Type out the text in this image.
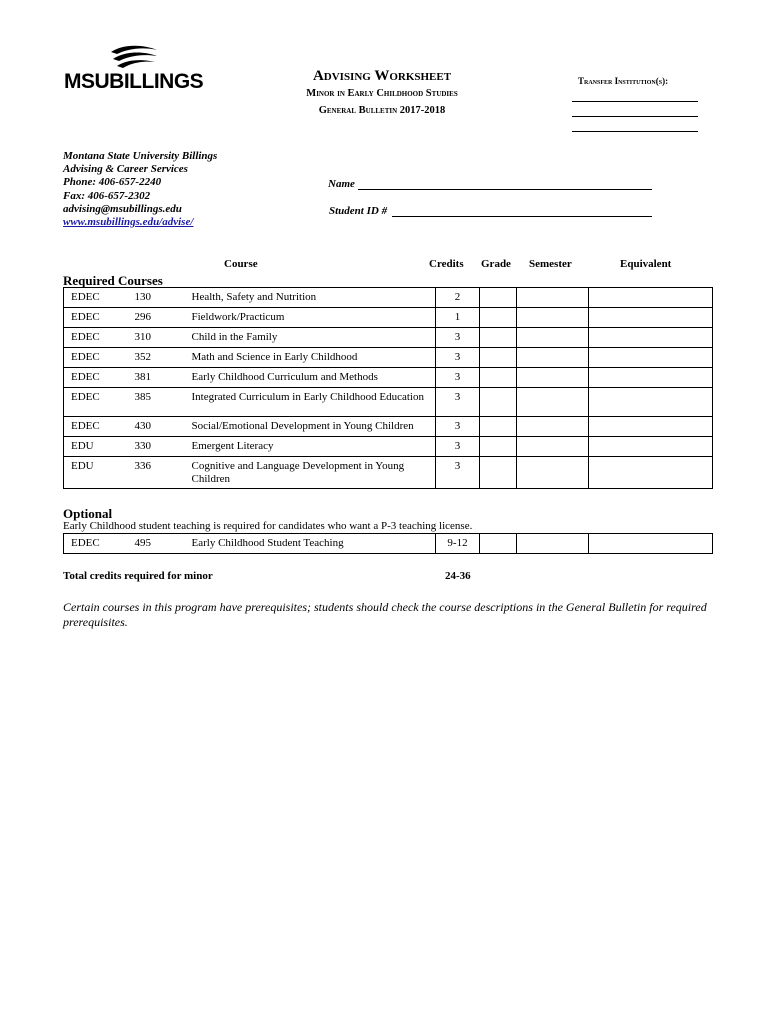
MSUBILLINGS	Advising Worksheet
Minor in Early Childhood Studies
General Bulletin 2017-2018
Transfer Institution(s):
Montana State University Billings
Advising & Career Services
Phone: 406-657-2240
Fax: 406-657-2302
advising@msubillings.edu
www.msubillings.edu/advise/
Name
Student ID #
Course	Credits Grade Semester	Equivalent
Required Courses
EDEC	130	Health, Safety and Nutrition	2			
EDEC	296	Fieldwork/Practicum	1			
EDEC	310	Child in the Family	3			
EDEC	352	Math and Science in Early Childhood	3			
EDEC	381	Early Childhood Curriculum and Methods	3			
EDEC	385	Integrated Curriculum in Early Childhood Education	3			
EDEC	430	Social/Emotional Development in Young Children	3			
EDU	330	Emergent Literacy	3			
EDU	336	Cognitive and Language Development in Young Children	3			
Optional
Early Childhood student teaching is required for candidates who want a P-3 teaching license.
EDEC	495	Early Childhood Student Teaching	9-12			
Total credits required for minor	24-36
Certain courses in this program have prerequisites; students should check the course descriptions in the General Bulletin for required prerequisites.
